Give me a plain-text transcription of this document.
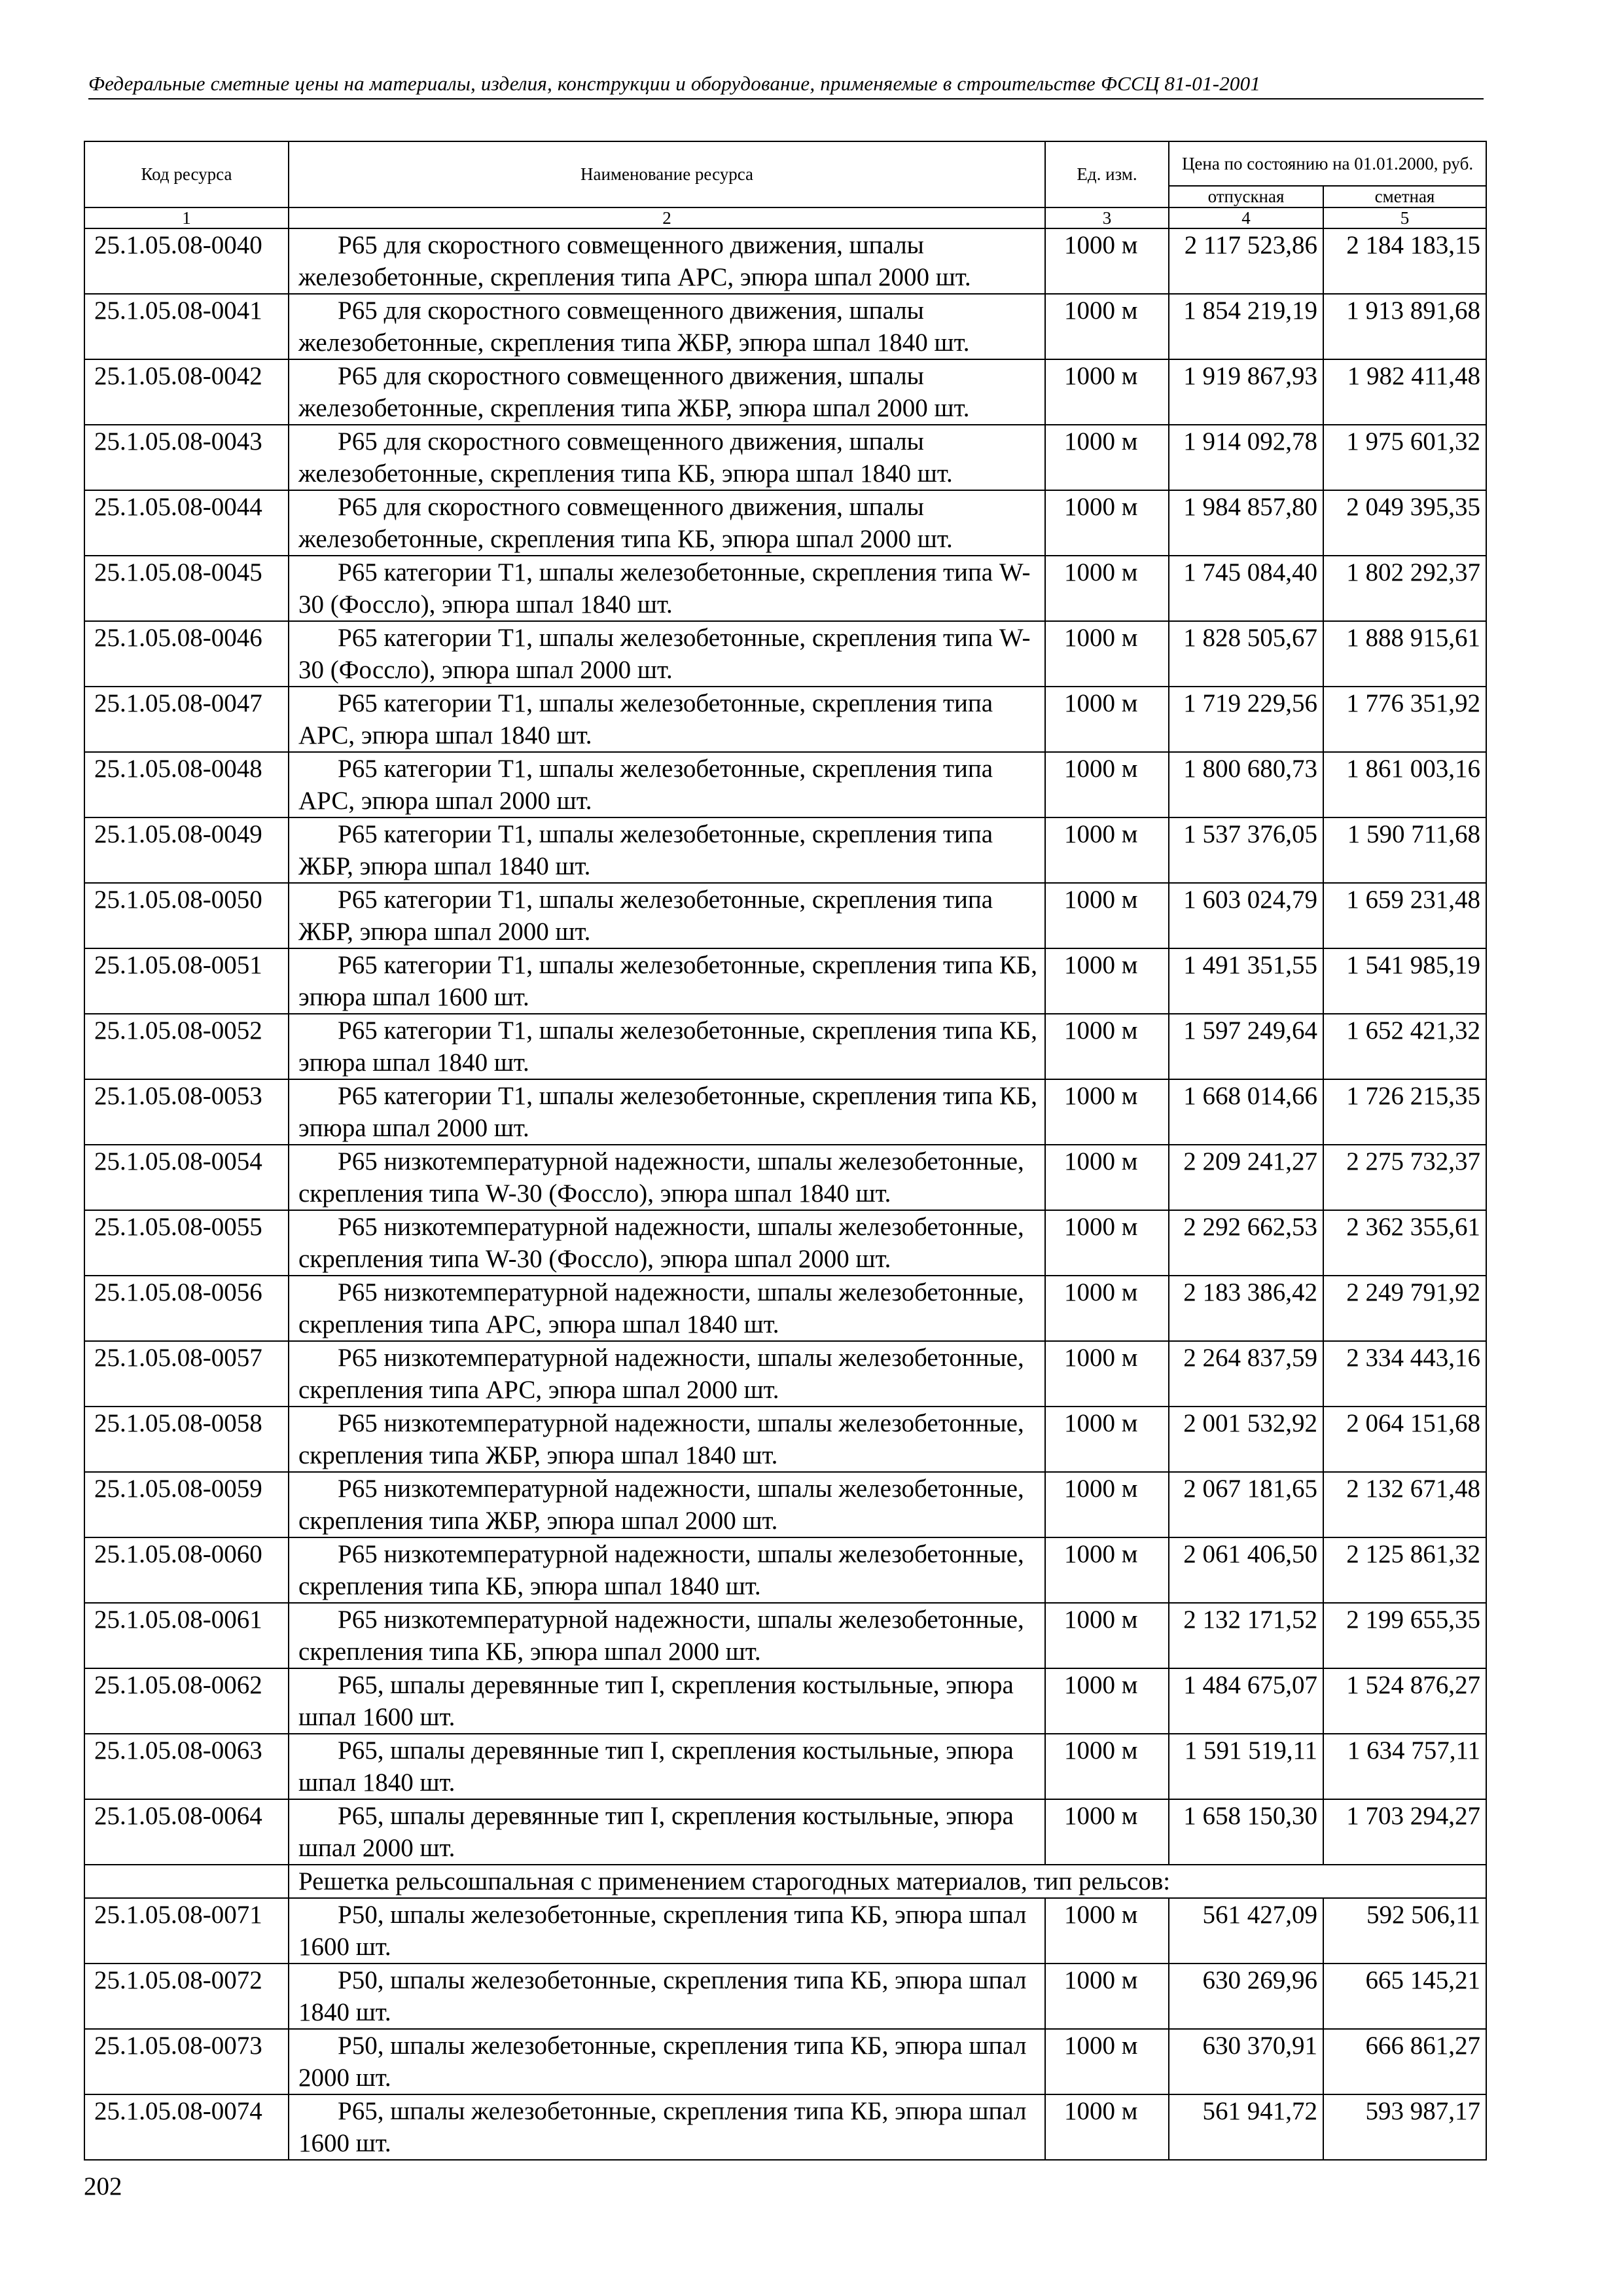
Федеральные сметные цены на материалы, изделия, конструкции и оборудование, применяемые в строительстве ФССЦ 81-01-2001
Код ресурса	Наименование ресурса	Ед. изм.	Цена по состоянию на 01.01.2000, руб.	
			отпускная	сметная
1	2	3	4	5
25.1.05.08-0040	Р65 для скоростного совмещенного движения, шпалы железобетонные, скрепления типа АРС, эпюра шпал 2000 шт.	1000 м	2 117 523,86	2 184 183,15
25.1.05.08-0041	Р65 для скоростного совмещенного движения, шпалы железобетонные, скрепления типа ЖБР, эпюра шпал 1840 шт.	1000 м	1 854 219,19	1 913 891,68
25.1.05.08-0042	Р65 для скоростного совмещенного движения, шпалы железобетонные, скрепления типа ЖБР, эпюра шпал 2000 шт.	1000 м	1 919 867,93	1 982 411,48
25.1.05.08-0043	Р65 для скоростного совмещенного движения, шпалы железобетонные, скрепления типа КБ, эпюра шпал 1840 шт.	1000 м	1 914 092,78	1 975 601,32
25.1.05.08-0044	Р65 для скоростного совмещенного движения, шпалы железобетонные, скрепления типа КБ, эпюра шпал 2000 шт.	1000 м	1 984 857,80	2 049 395,35
25.1.05.08-0045	Р65 категории Т1, шпалы железобетонные, скрепления типа W-30 (Фоссло), эпюра шпал 1840 шт.	1000 м	1 745 084,40	1 802 292,37
25.1.05.08-0046	Р65 категории Т1, шпалы железобетонные, скрепления типа W-30 (Фоссло), эпюра шпал 2000 шт.	1000 м	1 828 505,67	1 888 915,61
25.1.05.08-0047	Р65 категории Т1, шпалы железобетонные, скрепления типа АРС, эпюра шпал 1840 шт.	1000 м	1 719 229,56	1 776 351,92
25.1.05.08-0048	Р65 категории Т1, шпалы железобетонные, скрепления типа АРС, эпюра шпал 2000 шт.	1000 м	1 800 680,73	1 861 003,16
25.1.05.08-0049	Р65 категории Т1, шпалы железобетонные, скрепления типа ЖБР, эпюра шпал 1840 шт.	1000 м	1 537 376,05	1 590 711,68
25.1.05.08-0050	Р65 категории Т1, шпалы железобетонные, скрепления типа ЖБР, эпюра шпал 2000 шт.	1000 м	1 603 024,79	1 659 231,48
25.1.05.08-0051	Р65 категории Т1, шпалы железобетонные, скрепления типа КБ, эпюра шпал 1600 шт.	1000 м	1 491 351,55	1 541 985,19
25.1.05.08-0052	Р65 категории Т1, шпалы железобетонные, скрепления типа КБ, эпюра шпал 1840 шт.	1000 м	1 597 249,64	1 652 421,32
25.1.05.08-0053	Р65 категории Т1, шпалы железобетонные, скрепления типа КБ, эпюра шпал 2000 шт.	1000 м	1 668 014,66	1 726 215,35
25.1.05.08-0054	Р65 низкотемпературной надежности, шпалы железобетонные, скрепления типа W-30 (Фоссло), эпюра шпал 1840 шт.	1000 м	2 209 241,27	2 275 732,37
25.1.05.08-0055	Р65 низкотемпературной надежности, шпалы железобетонные, скрепления типа W-30 (Фоссло), эпюра шпал 2000 шт.	1000 м	2 292 662,53	2 362 355,61
25.1.05.08-0056	Р65 низкотемпературной надежности, шпалы железобетонные, скрепления типа АРС, эпюра шпал 1840 шт.	1000 м	2 183 386,42	2 249 791,92
25.1.05.08-0057	Р65 низкотемпературной надежности, шпалы железобетонные, скрепления типа АРС, эпюра шпал 2000 шт.	1000 м	2 264 837,59	2 334 443,16
25.1.05.08-0058	Р65 низкотемпературной надежности, шпалы железобетонные, скрепления типа ЖБР, эпюра шпал 1840 шт.	1000 м	2 001 532,92	2 064 151,68
25.1.05.08-0059	Р65 низкотемпературной надежности, шпалы железобетонные, скрепления типа ЖБР, эпюра шпал 2000 шт.	1000 м	2 067 181,65	2 132 671,48
25.1.05.08-0060	Р65 низкотемпературной надежности, шпалы железобетонные, скрепления типа КБ, эпюра шпал 1840 шт.	1000 м	2 061 406,50	2 125 861,32
25.1.05.08-0061	Р65 низкотемпературной надежности, шпалы железобетонные, скрепления типа КБ, эпюра шпал 2000 шт.	1000 м	2 132 171,52	2 199 655,35
25.1.05.08-0062	Р65, шпалы деревянные тип I, скрепления костыльные, эпюра шпал 1600 шт.	1000 м	1 484 675,07	1 524 876,27
25.1.05.08-0063	Р65, шпалы деревянные тип I, скрепления костыльные, эпюра шпал 1840 шт.	1000 м	1 591 519,11	1 634 757,11
25.1.05.08-0064	Р65, шпалы деревянные тип I, скрепления костыльные, эпюра шпал 2000 шт.	1000 м	1 658 150,30	1 703 294,27
	Решетка рельсошпальная с применением старогодных материалов, тип рельсов:			
25.1.05.08-0071	Р50, шпалы железобетонные, скрепления типа КБ, эпюра шпал 1600 шт.	1000 м	561 427,09	592 506,11
25.1.05.08-0072	Р50, шпалы железобетонные, скрепления типа КБ, эпюра шпал 1840 шт.	1000 м	630 269,96	665 145,21
25.1.05.08-0073	Р50, шпалы железобетонные, скрепления типа КБ, эпюра шпал 2000 шт.	1000 м	630 370,91	666 861,27
25.1.05.08-0074	Р65, шпалы железобетонные, скрепления типа КБ, эпюра шпал 1600 шт.	1000 м	561 941,72	593 987,17
202
